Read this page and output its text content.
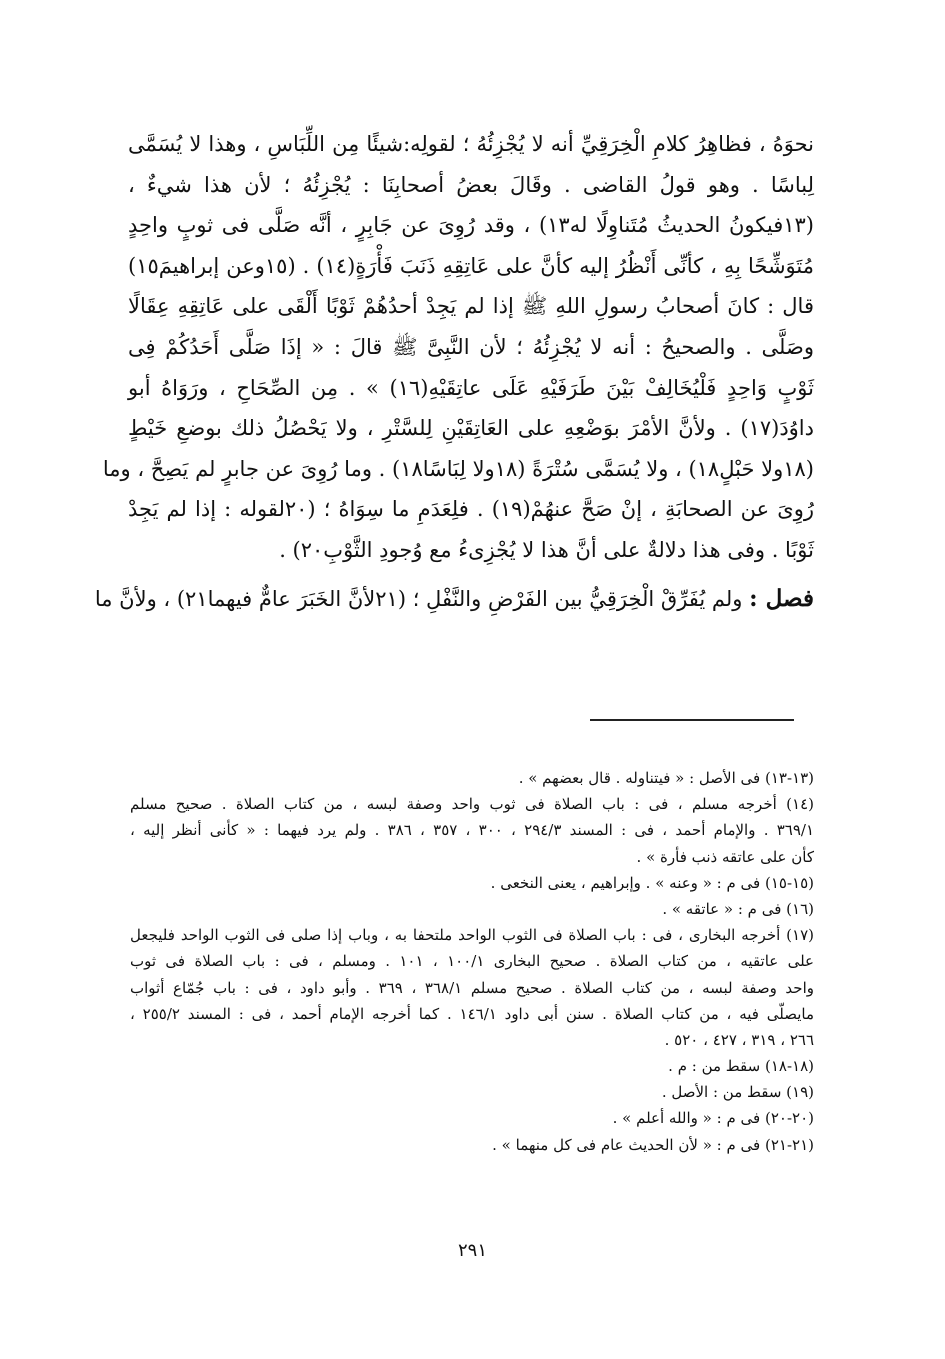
نحوَهُ ، فظاهِرُ كلامِ الْخِرَقِيِّ أنه لا يُجْزِئُهُ ؛ لقولِه:شيئًا مِن اللِّبَاسِ ، وهذا لا يُسَمَّى
لِباسًا . وهو قولُ القاضى . وقَالَ بعضُ أصحابِنَا : يُجْزِئُهُ ؛ لأن هذا شيءٌ ،
(١٣فيكونُ الحديثُ مُتَناوِلًا له١٣) ، وقد رُوِىَ عن جَابِرٍ ، أنَّه صَلَّى فى ثوبٍ واحِدٍ
مُتَوَشِّحًا بِهِ ، كأنِّى أَنْظُرُ إليه كأنَّ على عَاتِقِهِ ذَنَبَ فَأْرَةٍ(١٤) . (١٥وعن إبراهيمَ١٥)
قال : كانَ أصحابُ رسولِ اللهِ ﷺ إذا لم يَجِدْ أحدُهُمْ ثَوْبًا أَلْقَى على عَاتِقِهِ عِقَالًا
وصَلَّى . والصحيحُ : أنه لا يُجْزِئُهُ ؛ لأن النَّبِىَّ ﷺ قالَ : « إذَا صَلَّى أَحَدُكُمْ فِى
ثَوْبٍ وَاحِدٍ فَلْيُخَالِفْ بَيْنَ طَرَفَيْهِ عَلَى عاتِقَيْهِ(١٦) » . مِن الصِّحَاحِ ، ورَوَاهُ أبو
داوُدَ(١٧) . ولأنَّ الأمْرَ بوَضْعِهِ على العَاتِقَيْنِ لِلسَّتْرِ ، ولا يَحْصُلُ ذلك بوضعِ خَيْطٍ
(١٨ولا حَبْلٍ١٨) ، ولا يُسَمَّى سُتْرَةً (١٨ولا لِبَاسًا١٨) . وما رُوِىَ عن جابرٍ لم يَصِحَّ ، وما
رُوِىَ عن الصحابَةِ ، إنْ صَحَّ عنهُمْ(١٩) . فلِعَدَمِ ما سِوَاهُ ؛ (٢٠لقوله : إذا لم يَجِدْ
ثَوْبًا . وفى هذا دلالةٌ على أنَّ هذا لا يُجْزِىءُ مع وُجودِ الثَّوْبِ٢٠) .
فصل : ولم يُفَرِّقْ الْخِرَقِيُّ بين الفَرْضِ والنَّفْلِ ؛ (٢١لأنَّ الخَبَرَ عامٌّ فيهما٢١) ، ولأنَّ ما
(١٣-١٣) فى الأصل : « فيتناوله . قال بعضهم » .
(١٤) أخرجه مسلم ، فى : باب الصلاة فى ثوب واحد وصفة لبسه ، من كتاب الصلاة . صحيح مسلم
٣٦٩/١ . والإمام أحمد ، فى : المسند ٢٩٤/٣ ، ٣٠٠ ، ٣٥٧ ، ٣٨٦ . ولم يرد فيهما : « كأنى أنظر إليه ،
كأن على عاتقه ذنب فأرة » .
(١٥-١٥) فى م : « وعنه » . وإبراهيم ، يعنى النخعى .
(١٦) فى م : « عاتقه » .
(١٧) أخرجه البخارى ، فى : باب الصلاة فى الثوب الواحد ملتحفا به ، وباب إذا صلى فى الثوب الواحد فليجعل
على عاتقيه ، من كتاب الصلاة . صحيح البخارى ١٠٠/١ ، ١٠١ . ومسلم ، فى : باب الصلاة فى ثوب
واحد وصفة لبسه ، من كتاب الصلاة . صحيح مسلم ٣٦٨/١ ، ٣٦٩ . وأبو داود ، فى : باب جُمّاع أثواب
مايصلّى فيه ، من كتاب الصلاة . سنن أبى داود ١٤٦/١ . كما أخرجه الإمام أحمد ، فى : المسند ٢٥٥/٢ ،
٢٦٦ ، ٣١٩ ، ٤٢٧ ، ٥٢٠ .
(١٨-١٨) سقط من : م .
(١٩) سقط من : الأصل .
(٢٠-٢٠) فى م : « والله أعلم » .
(٢١-٢١) فى م : « لأن الحديث عام فى كل منهما » .
٢٩١
